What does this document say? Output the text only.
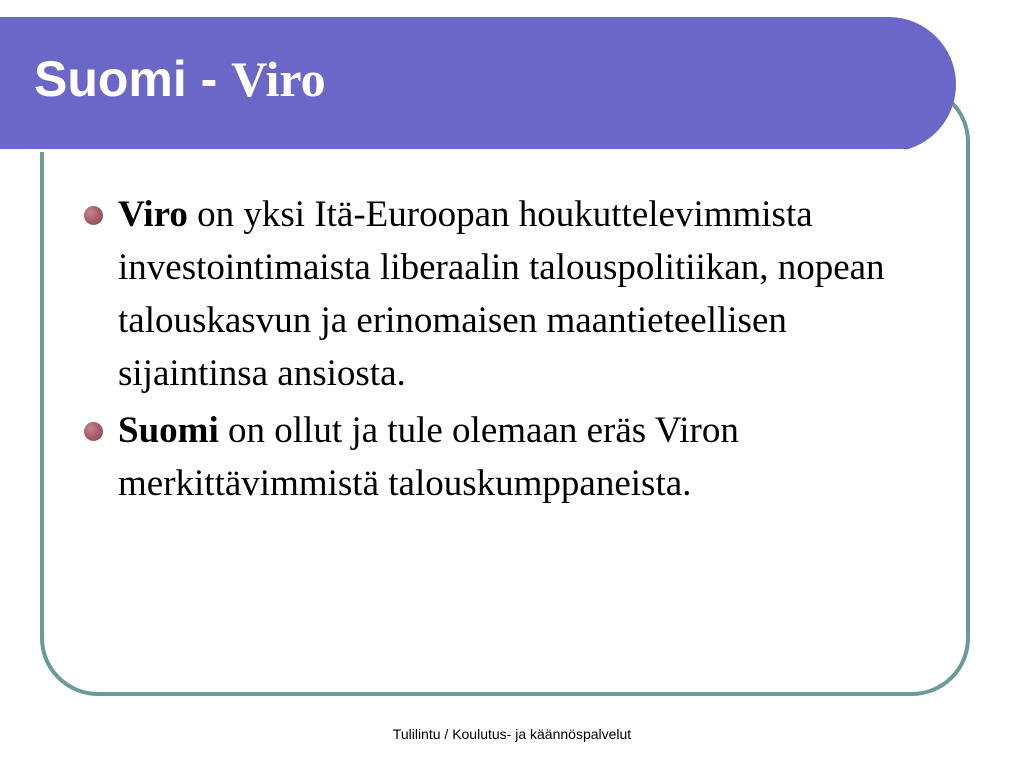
Suomi - Viro
Viro on yksi Itä-Euroopan houkuttelevimmista investointimaista liberaalin talouspolitiikan, nopean talouskasvun ja erinomaisen maantieteellisen sijaintinsa ansiosta.
Suomi on ollut ja tule olemaan eräs Viron merkittävimmistä talouskumppaneista.
Tulilintu / Koulutus- ja käännöspalvelut
